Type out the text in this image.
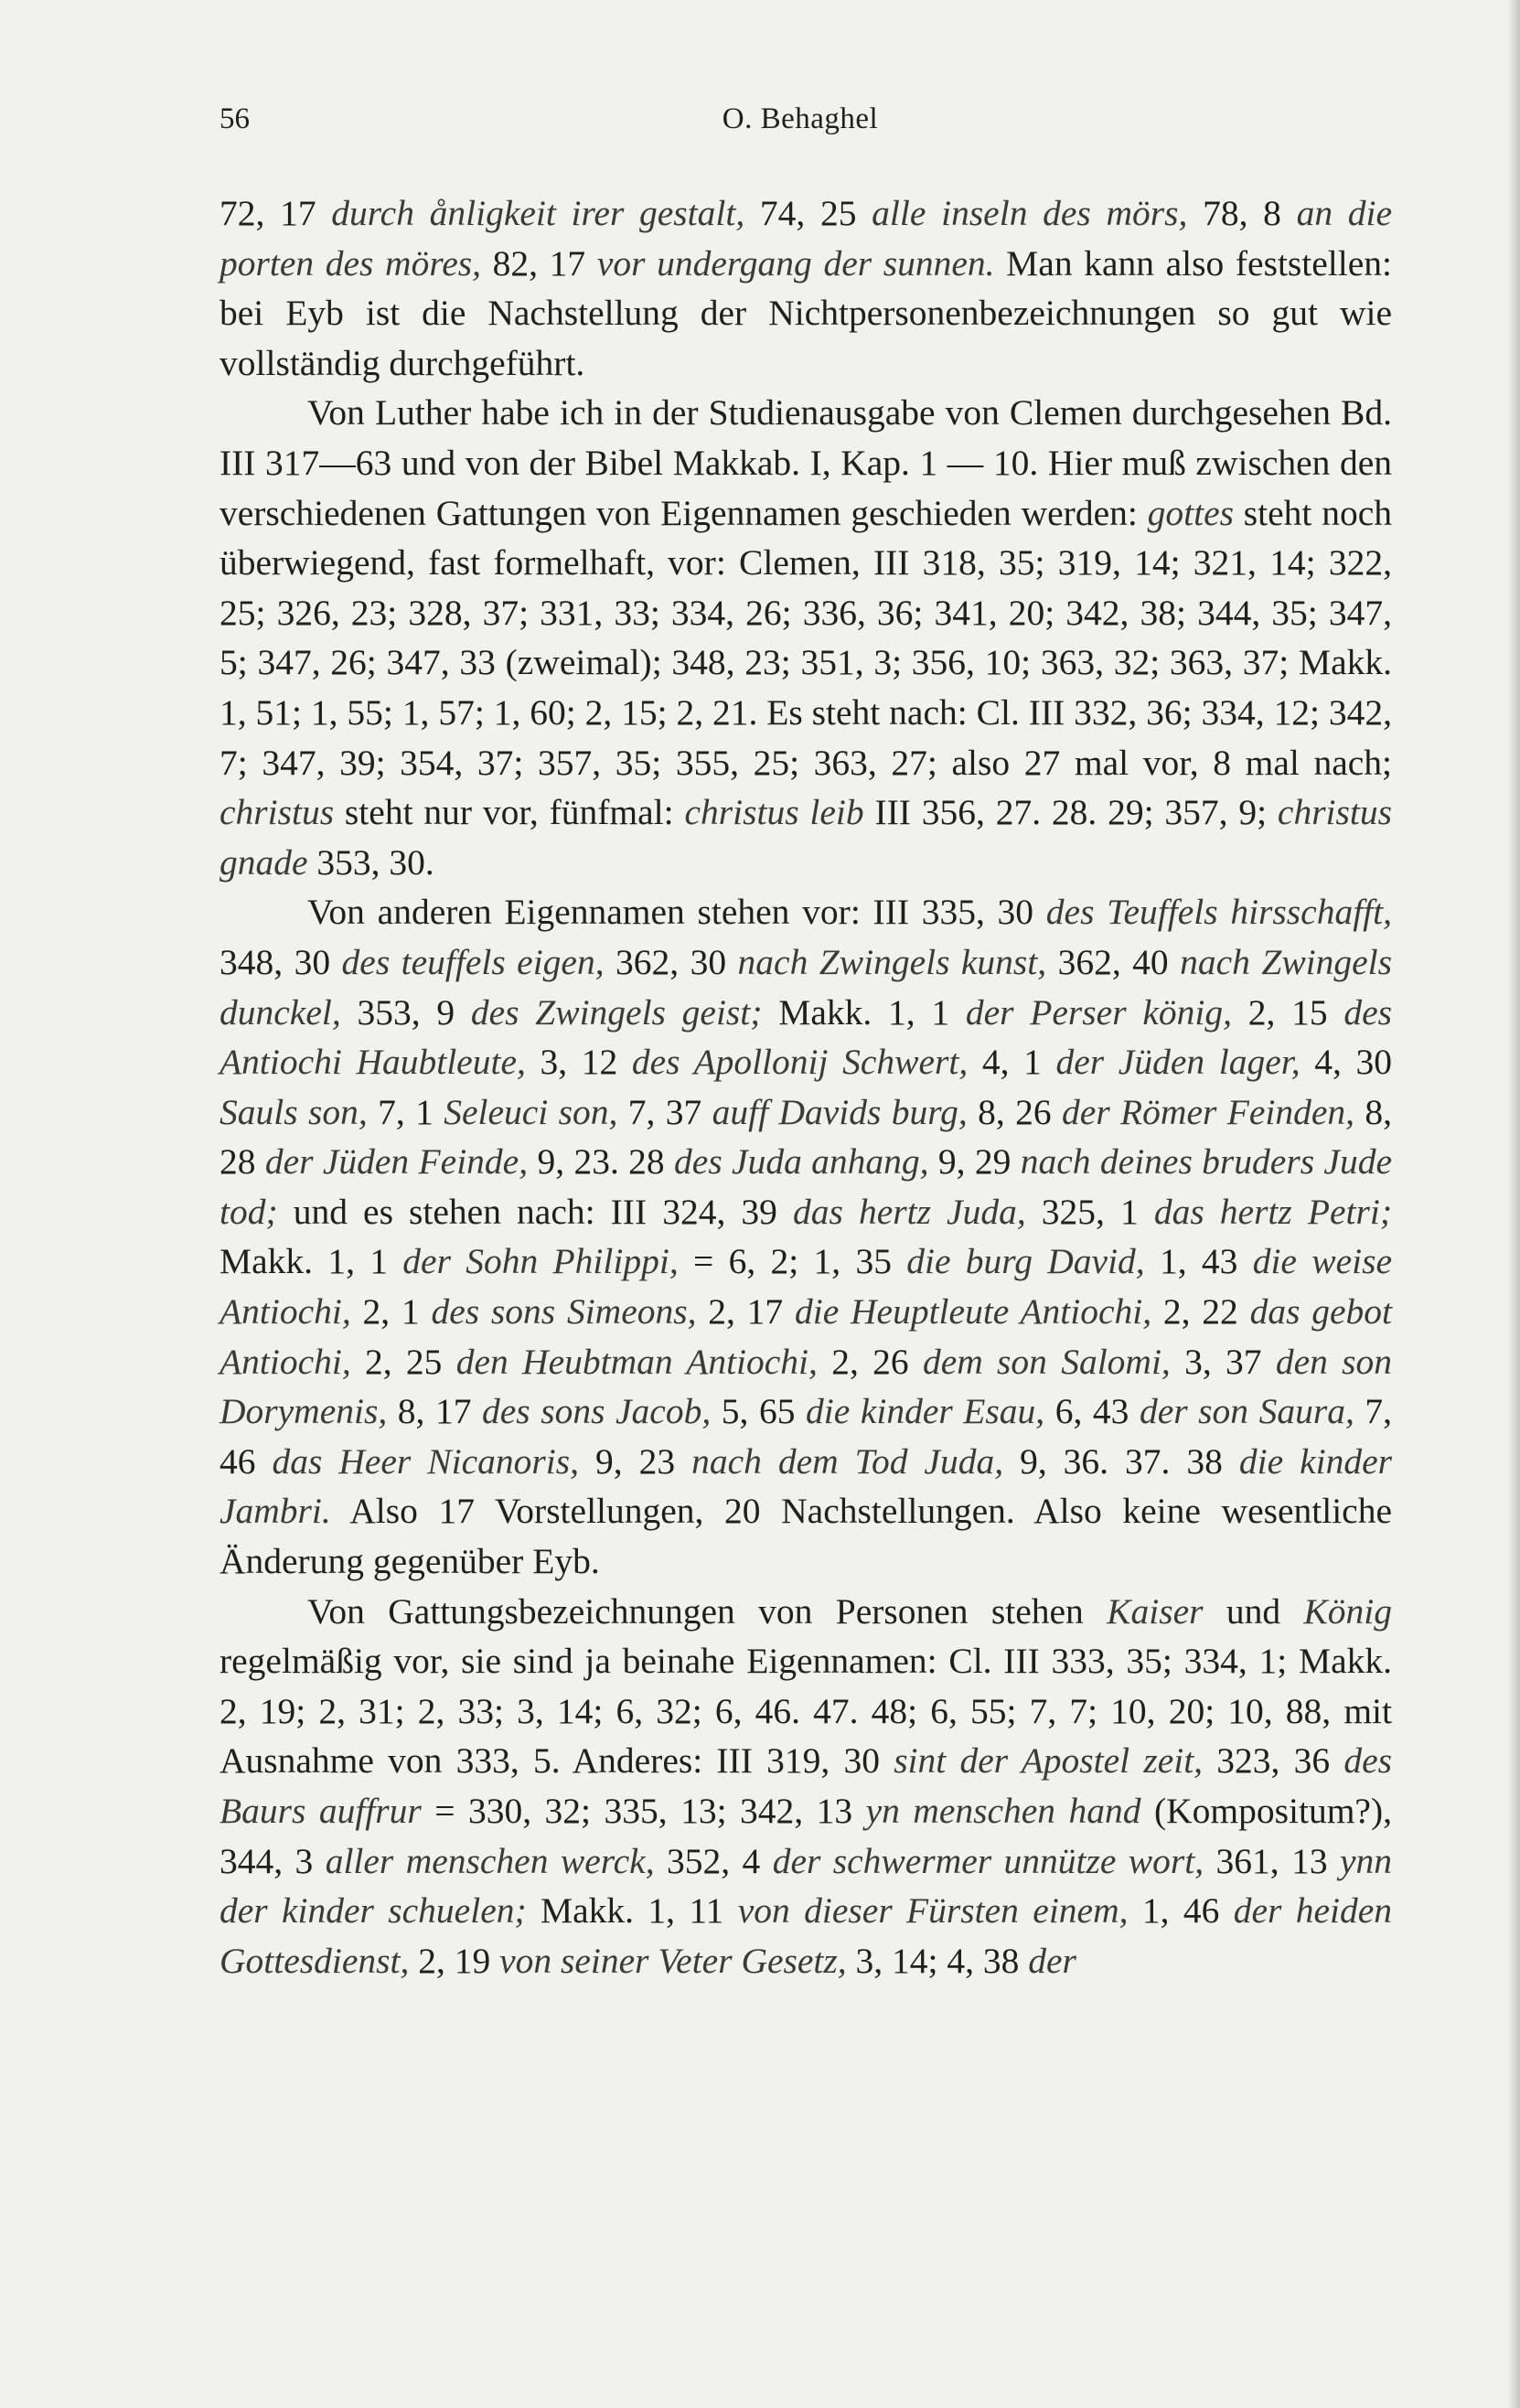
56	O. Behaghel

72, 17 durch ånligkeit irer gestalt, 74, 25 alle inseln des mörs, 78, 8 an die porten des möres, 82, 17 vor undergang der sunnen. Man kann also feststellen: bei Eyb ist die Nachstellung der Nichtpersonenbezeichnungen so gut wie vollständig durchgeführt.

Von Luther habe ich in der Studienausgabe von Clemen durchgesehen Bd. III 317—63 und von der Bibel Makkab. I, Kap. 1 — 10. Hier muß zwischen den verschiedenen Gattungen von Eigennamen geschieden werden: gottes steht noch überwiegend, fast formelhaft, vor: Clemen, III 318, 35; 319, 14; 321, 14; 322, 25; 326, 23; 328, 37; 331, 33; 334, 26; 336, 36; 341, 20; 342, 38; 344, 35; 347, 5; 347, 26; 347, 33 (zweimal); 348, 23; 351, 3; 356, 10; 363, 32; 363, 37; Makk. 1, 51; 1, 55; 1, 57; 1, 60; 2, 15; 2, 21. Es steht nach: Cl. III 332, 36; 334, 12; 342, 7; 347, 39; 354, 37; 357, 35; 355, 25; 363, 27; also 27 mal vor, 8 mal nach; christus steht nur vor, fünfmal: christus leib III 356, 27. 28. 29; 357, 9; christus gnade 353, 30.

Von anderen Eigennamen stehen vor: III 335, 30 des Teuffels hirsschafft, 348, 30 des teuffels eigen, 362, 30 nach Zwingels kunst, 362, 40 nach Zwingels dunckel, 353, 9 des Zwingels geist; Makk. 1, 1 der Perser könig, 2, 15 des Antiochi Haubtleute, 3, 12 des Apollonij Schwert, 4, 1 der Jüden lager, 4, 30 Sauls son, 7, 1 Seleuci son, 7, 37 auff Davids burg, 8, 26 der Römer Feinden, 8, 28 der Jüden Feinde, 9, 23. 28 des Juda anhang, 9, 29 nach deines bruders Jude tod; und es stehen nach: III 324, 39 das hertz Juda, 325, 1 das hertz Petri; Makk. 1, 1 der Sohn Philippi, = 6, 2; 1, 35 die burg David, 1, 43 die weise Antiochi, 2, 1 des sons Simeons, 2, 17 die Heuptleute Antiochi, 2, 22 das gebot Antiochi, 2, 25 den Heubtman Antiochi, 2, 26 dem son Salomi, 3, 37 den son Dorymenis, 8, 17 des sons Jacob, 5, 65 die kinder Esau, 6, 43 der son Saura, 7, 46 das Heer Nicanoris, 9, 23 nach dem Tod Juda, 9, 36. 37. 38 die kinder Jambri. Also 17 Vorstellungen, 20 Nachstellungen. Also keine wesentliche Änderung gegenüber Eyb.

Von Gattungsbezeichnungen von Personen stehen Kaiser und König regelmäßig vor, sie sind ja beinahe Eigennamen: Cl. III 333, 35; 334, 1; Makk. 2, 19; 2, 31; 2, 33; 3, 14; 6, 32; 6, 46. 47. 48; 6, 55; 7, 7; 10, 20; 10, 88, mit Ausnahme von 333, 5. Anderes: III 319, 30 sint der Apostel zeit, 323, 36 des Baurs auffrur = 330, 32; 335, 13; 342, 13 yn menschen hand (Kompositum?), 344, 3 aller menschen werck, 352, 4 der schwermer unnütze wort, 361, 13 ynn der kinder schuelen; Makk. 1, 11 von dieser Fürsten einem, 1, 46 der heiden Gottesdienst, 2, 19 von seiner Veter Gesetz, 3, 14; 4, 38 der
